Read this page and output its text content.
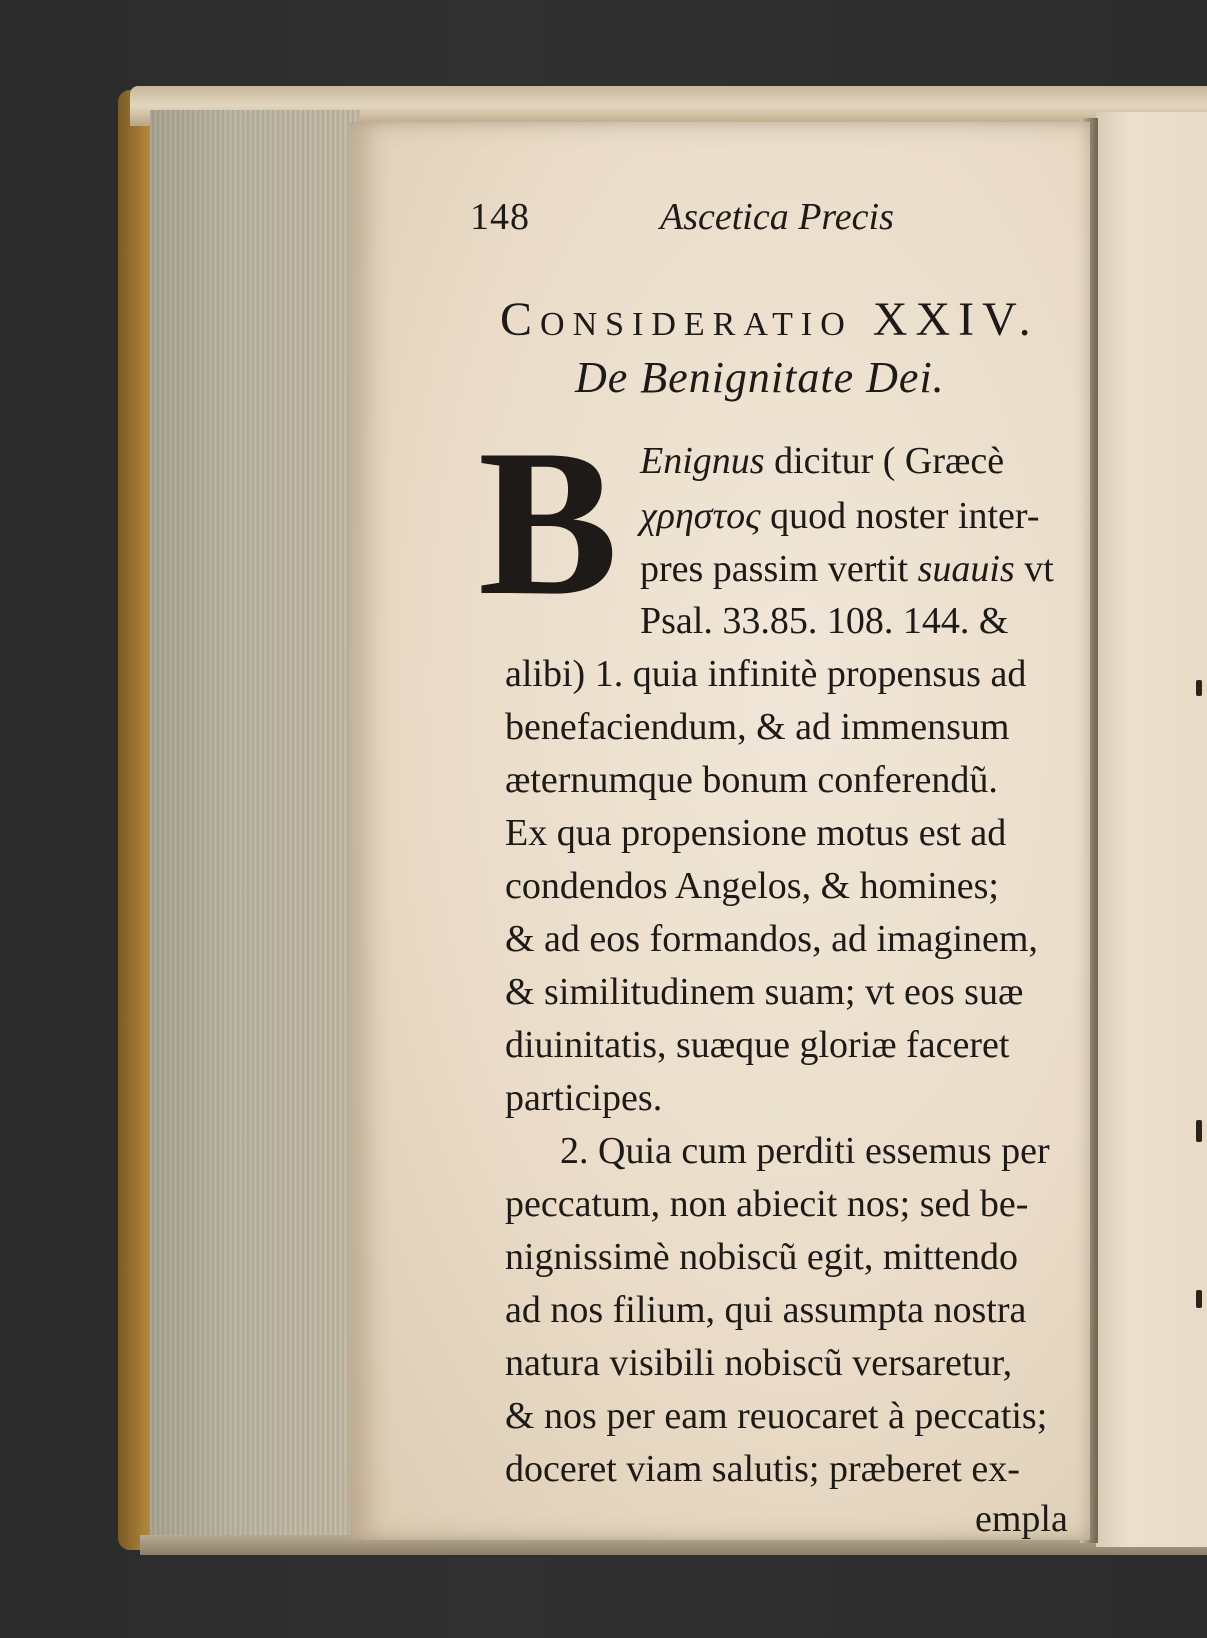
148	Ascetica Precis
Consideratio XXIV.
De Benignitate Dei.
B Enignus dicitur ( Græcè
χρηστος quod noster inter-
pres passim vertit suauis vt
Psal. 33.85. 108. 144. &
alibi) 1. quia infinitè propensus ad
benefaciendum, & ad immensum
æternumque bonum conferendũ.
Ex qua propensione motus est ad
condendos Angelos, & homines;
& ad eos formandos, ad imaginem,
& similitudinem suam; vt eos suæ
diuinitatis, suæque gloriæ faceret
participes.
2. Quia cum perditi essemus per
peccatum, non abiecit nos; sed be-
nignissimè nobiscũ egit, mittendo
ad nos filium, qui assumpta nostra
natura visibili nobiscũ versaretur,
& nos per eam reuocaret à peccatis;
doceret viam salutis; præberet ex-
empla
